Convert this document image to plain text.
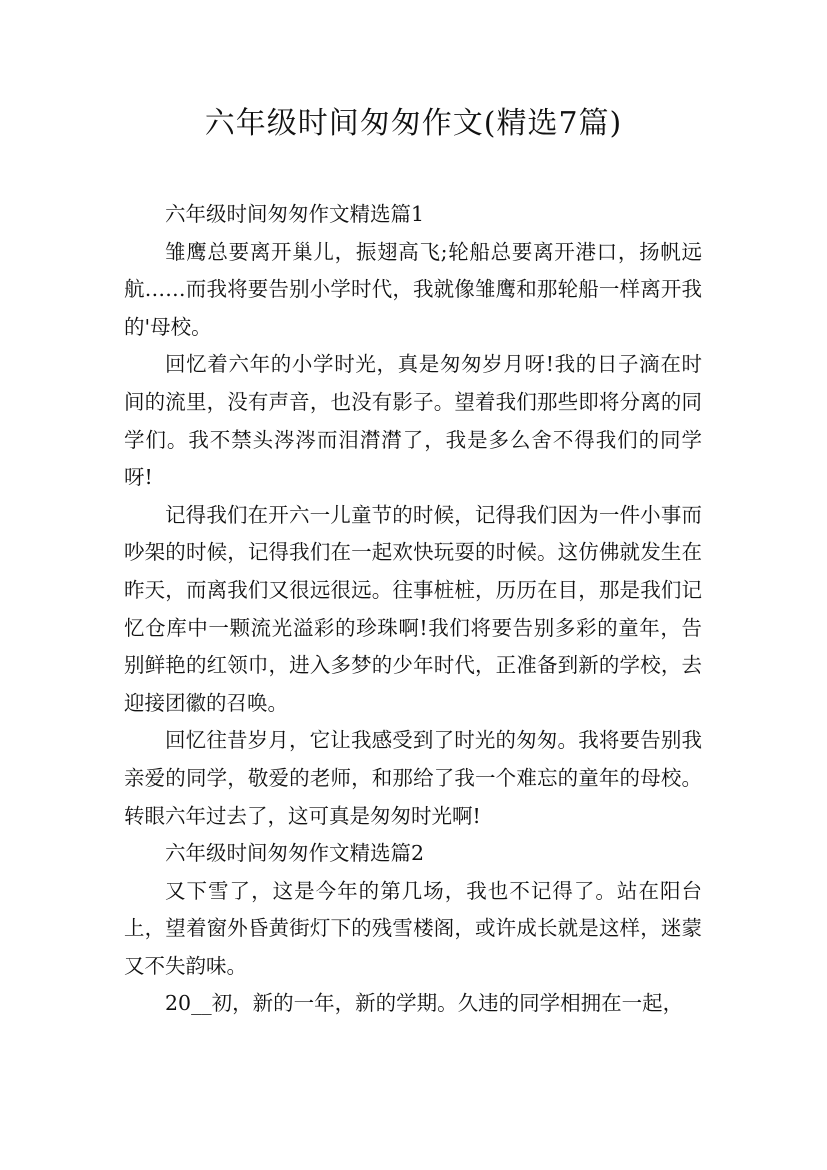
六年级时间匆匆作文(精选7篇)

六年级时间匆匆作文精选篇1

雏鹰总要离开巢儿，振翅高飞;轮船总要离开港口，扬帆远航……而我将要告别小学时代，我就像雏鹰和那轮船一样离开我的'母校。

回忆着六年的小学时光，真是匆匆岁月呀!我的日子滴在时间的流里，没有声音，也没有影子。望着我们那些即将分离的同学们。我不禁头涔涔而泪潸潸了，我是多么舍不得我们的同学呀!

记得我们在开六一儿童节的时候，记得我们因为一件小事而吵架的时候，记得我们在一起欢快玩耍的时候。这仿佛就发生在昨天，而离我们又很远很远。往事桩桩，历历在目，那是我们记忆仓库中一颗流光溢彩的珍珠啊!我们将要告别多彩的童年，告别鲜艳的红领巾，进入多梦的少年时代，正准备到新的学校，去迎接团徽的召唤。

回忆往昔岁月，它让我感受到了时光的匆匆。我将要告别我亲爱的同学，敬爱的老师，和那给了我一个难忘的童年的母校。转眼六年过去了，这可真是匆匆时光啊!

六年级时间匆匆作文精选篇2

又下雪了，这是今年的第几场，我也不记得了。站在阳台上，望着窗外昏黄街灯下的残雪楼阁，或许成长就是这样，迷蒙又不失韵味。

20__初，新的一年，新的学期。久违的同学相拥在一起，
